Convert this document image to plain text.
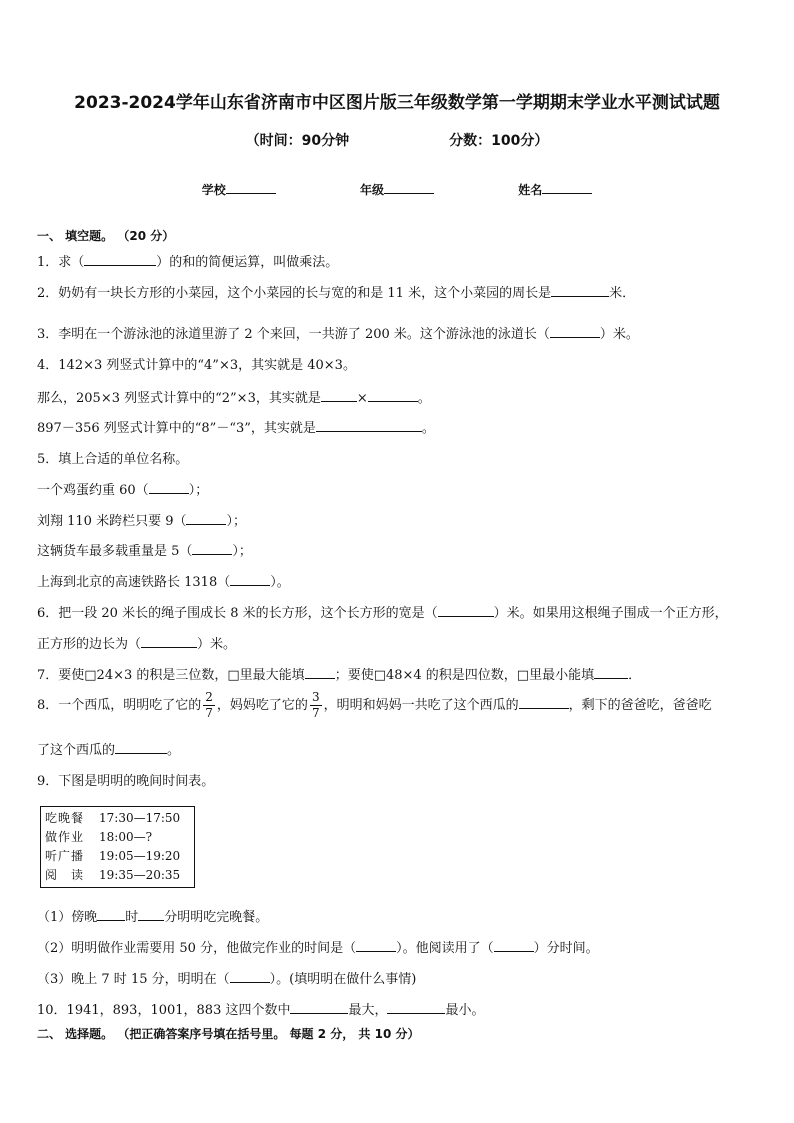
2023-2024学年山东省济南市中区图片版三年级数学第一学期期末学业水平测试试题
（时间：90分钟	分数：100分）
学校	年级	姓名
一、 填空题。 （20 分）
1．求（	）的和的简便运算，叫做乘法。
2．奶奶有一块长方形的小菜园，这个小菜园的长与宽的和是 11 米，这个小菜园的周长是	米．
3．李明在一个游泳池的泳道里游了 2 个来回，一共游了 200 米。这个游泳池的泳道长（	）米。
4．142×3 列竖式计算中的“4”×3，其实就是 40×3。
那么，205×3 列竖式计算中的“2”×3，其实就是	×	。
897－356 列竖式计算中的“8”－“3”，其实就是	。
5．填上合适的单位名称。
一个鸡蛋约重 60（	）；
刘翔 110 米跨栏只要 9（	）；
这辆货车最多载重量是 5（	）；
上海到北京的高速铁路长 1318（	）。
6．把一段 20 米长的绳子围成长 8 米的长方形，这个长方形的宽是（	）米。如果用这根绳子围成一个正方形，
正方形的边长为（	）米。
7．要使□24×3 的积是三位数，□里最大能填 ；要使□48×4 的积是四位数，□里最小能填	．
8．一个西瓜，明明吃了它的 $\frac{2}{7}$ ，妈妈吃了它的 $\frac{3}{7}$ ，明明和妈妈一共吃了这个西瓜的	，剩下的爸爸吃，爸爸吃
了这个西瓜的	。
9．下图是明明的晚间时间表。
吃晚餐 17:30—17:50
做作业 18:00—?
听广播 19:05—19:20
阅　读 19:35—20:35
（1）傍晚 时 分明明吃完晚餐。
（2）明明做作业需要用 50 分，他做完作业的时间是（	）。他阅读用了（	）分时间。
（3）晚上 7 时 15 分，明明在（	）。(填明明在做什么事情)
10．1941，893，1001，883 这四个数中	最大，	最小。
二、 选择题。 （把正确答案序号填在括号里。 每题 2 分， 共 10 分）
